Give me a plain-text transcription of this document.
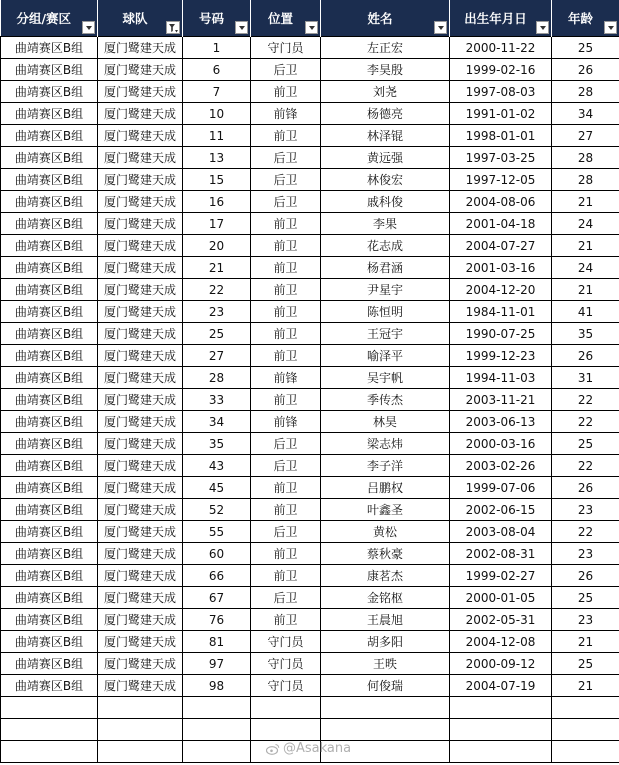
分组/赛区	球队	号码	位置	姓名	出生年月日	年龄

曲靖赛区B组	厦门鹭建天成	1	守门员	左正宏	2000-11-22	25
曲靖赛区B组	厦门鹭建天成	6	后卫	李昊殷	1999-02-16	26
曲靖赛区B组	厦门鹭建天成	7	前卫	刘尧	1997-08-03	28
曲靖赛区B组	厦门鹭建天成	10	前锋	杨德亮	1991-01-02	34
曲靖赛区B组	厦门鹭建天成	11	前卫	林泽锟	1998-01-01	27
曲靖赛区B组	厦门鹭建天成	13	后卫	黄远强	1997-03-25	28
曲靖赛区B组	厦门鹭建天成	15	后卫	林俊宏	1997-12-05	28
曲靖赛区B组	厦门鹭建天成	16	后卫	戚科俊	2004-08-06	21
曲靖赛区B组	厦门鹭建天成	17	前卫	李果	2001-04-18	24
曲靖赛区B组	厦门鹭建天成	20	前卫	花志成	2004-07-27	21
曲靖赛区B组	厦门鹭建天成	21	前卫	杨君涵	2001-03-16	24
曲靖赛区B组	厦门鹭建天成	22	前卫	尹星宇	2004-12-20	21
曲靖赛区B组	厦门鹭建天成	23	前卫	陈恒明	1984-11-01	41
曲靖赛区B组	厦门鹭建天成	25	前卫	王冠宇	1990-07-25	35
曲靖赛区B组	厦门鹭建天成	27	前卫	喻泽平	1999-12-23	26
曲靖赛区B组	厦门鹭建天成	28	前锋	吴宇帆	1994-11-03	31
曲靖赛区B组	厦门鹭建天成	33	前卫	季传杰	2003-11-21	22
曲靖赛区B组	厦门鹭建天成	34	前锋	林昊	2003-06-13	22
曲靖赛区B组	厦门鹭建天成	35	后卫	梁志炜	2000-03-16	25
曲靖赛区B组	厦门鹭建天成	43	后卫	李子洋	2003-02-26	22
曲靖赛区B组	厦门鹭建天成	45	前卫	吕鹏权	1999-07-06	26
曲靖赛区B组	厦门鹭建天成	52	前卫	叶鑫圣	2002-06-15	23
曲靖赛区B组	厦门鹭建天成	55	后卫	黄松	2003-08-04	22
曲靖赛区B组	厦门鹭建天成	60	前卫	蔡秋豪	2002-08-31	23
曲靖赛区B组	厦门鹭建天成	66	前卫	康茗杰	1999-02-27	26
曲靖赛区B组	厦门鹭建天成	67	后卫	金铭枢	2000-01-05	25
曲靖赛区B组	厦门鹭建天成	76	前卫	王晨旭	2002-05-31	23
曲靖赛区B组	厦门鹭建天成	81	守门员	胡多阳	2004-12-08	21
曲靖赛区B组	厦门鹭建天成	97	守门员	王昳	2000-09-12	25
曲靖赛区B组	厦门鹭建天成	98	守门员	何俊瑞	2004-07-19	21

@Asakana
